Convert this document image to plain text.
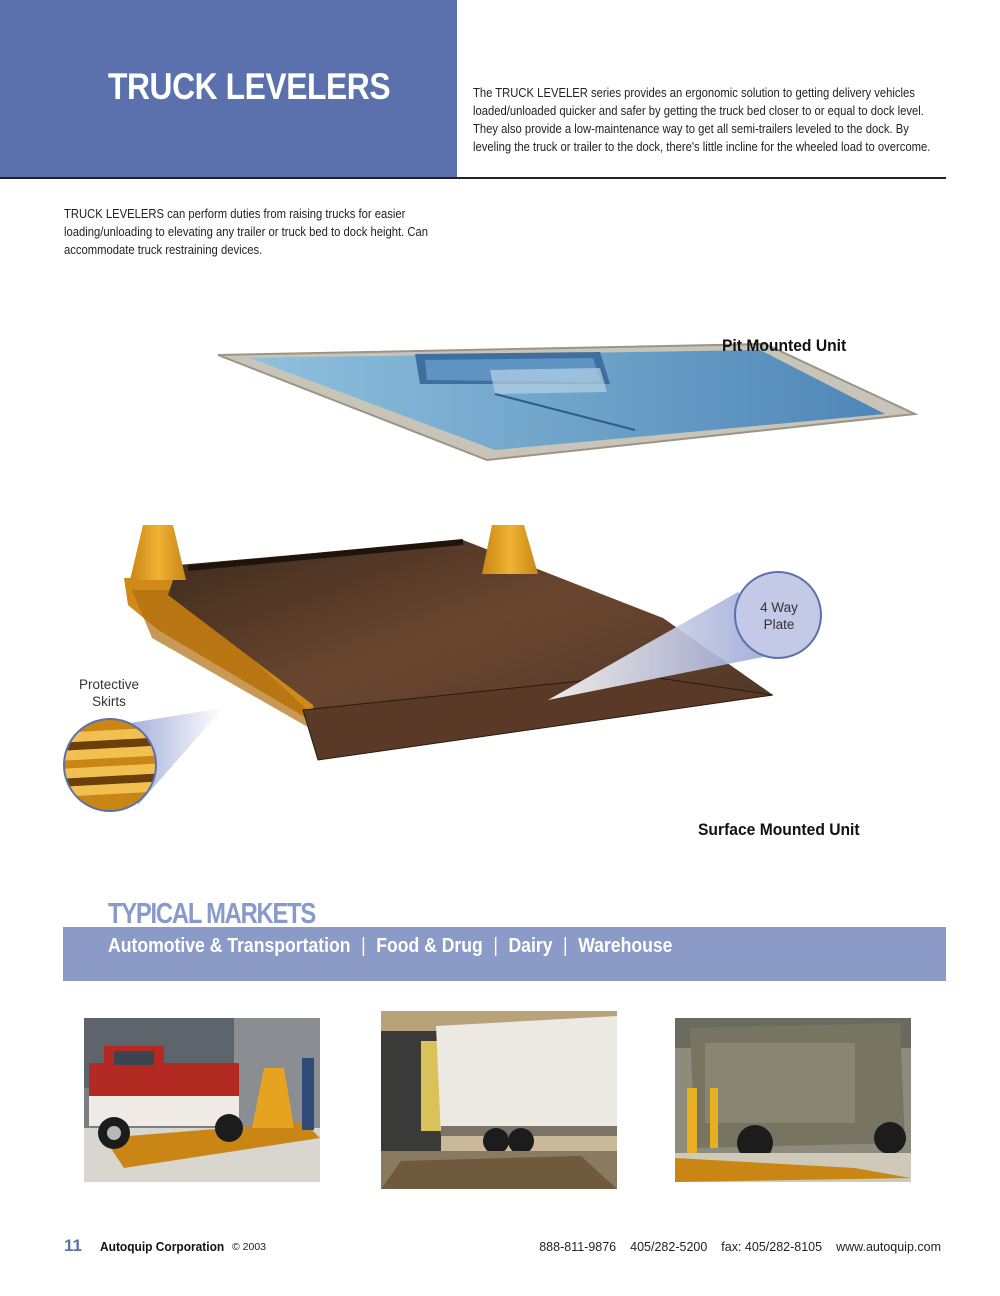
TRUCK LEVELERS	The TRUCK LEVELER series provides an ergonomic solution to getting delivery vehicles loaded/unloaded quicker and safer by getting the truck bed closer to or equal to dock level. They also provide a low-maintenance way to get all semi-trailers leveled to the dock. By leveling the truck or trailer to the dock, there's little incline for the wheeled load to overcome.
TRUCK LEVELERS can perform duties from raising trucks for easier loading/unloading to elevating any trailer or truck bed to dock height. Can accommodate truck restraining devices.
Pit Mounted Unit
4 Way
Plate
Protective
Skirts
Surface Mounted Unit
Automotive & Transportation | Food & Drug | Dairy | Warehouse
TYPICAL MARKETS
11 Autoquip Corporation © 2003	888-811-9876 405/282-5200 fax: 405/282-8105 www.autoquip.com
